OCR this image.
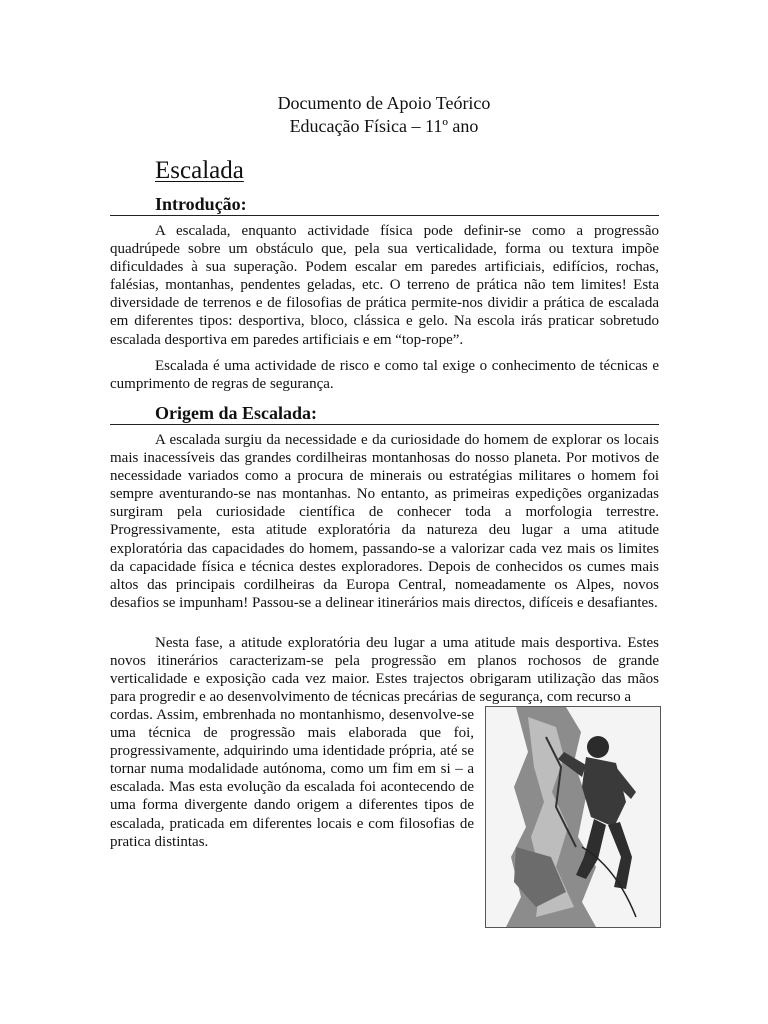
Documento de Apoio Teórico
Educação Física – 11º ano
Escalada
Introdução:

A escalada, enquanto actividade física pode definir-se como a progressão quadrúpede sobre um obstáculo que, pela sua verticalidade, forma ou textura impõe dificuldades à sua superação. Podem escalar em paredes artificiais, edifícios, rochas, falésias, montanhas, pendentes geladas, etc. O terreno de prática não tem limites! Esta diversidade de terrenos e de filosofias de prática permite-nos dividir a prática de escalada em diferentes tipos: desportiva, bloco, clássica e gelo. Na escola irás praticar sobretudo escalada desportiva em paredes artificiais e em “top-rope”.

Escalada é uma actividade de risco e como tal exige o conhecimento de técnicas e cumprimento de regras de segurança.

Origem da Escalada:

A escalada surgiu da necessidade e da curiosidade do homem de explorar os locais mais inacessíveis das grandes cordilheiras montanhosas do nosso planeta. Por motivos de necessidade variados como a procura de minerais ou estratégias militares o homem foi sempre aventurando-se nas montanhas. No entanto, as primeiras expedições organizadas surgiram pela curiosidade científica de conhecer toda a morfologia terrestre. Progressivamente, esta atitude exploratória da natureza deu lugar a uma atitude exploratória das capacidades do homem, passando-se a valorizar cada vez mais os limites da capacidade física e técnica destes exploradores. Depois de conhecidos os cumes mais altos das principais cordilheiras da Europa Central, nomeadamente os Alpes, novos desafios se impunham! Passou-se a delinear itinerários mais directos, difíceis e desafiantes.

Nesta fase, a atitude exploratória deu lugar a uma atitude mais desportiva. Estes novos itinerários caracterizam-se pela progressão em planos rochosos de grande verticalidade e exposição cada vez maior. Estes trajectos obrigaram utilização das mãos para progredir e ao desenvolvimento de técnicas precárias de segurança, com recurso a

cordas. Assim, embrenhada no montanhismo, desenvolve-se uma técnica de progressão mais elaborada que foi, progressivamente, adquirindo uma identidade própria, até se tornar numa modalidade autónoma, como um fim em si – a escalada. Mas esta evolução da escalada foi acontecendo de uma forma divergente dando origem a diferentes tipos de escalada, praticada em diferentes locais e com filosofias de pratica distintas.
